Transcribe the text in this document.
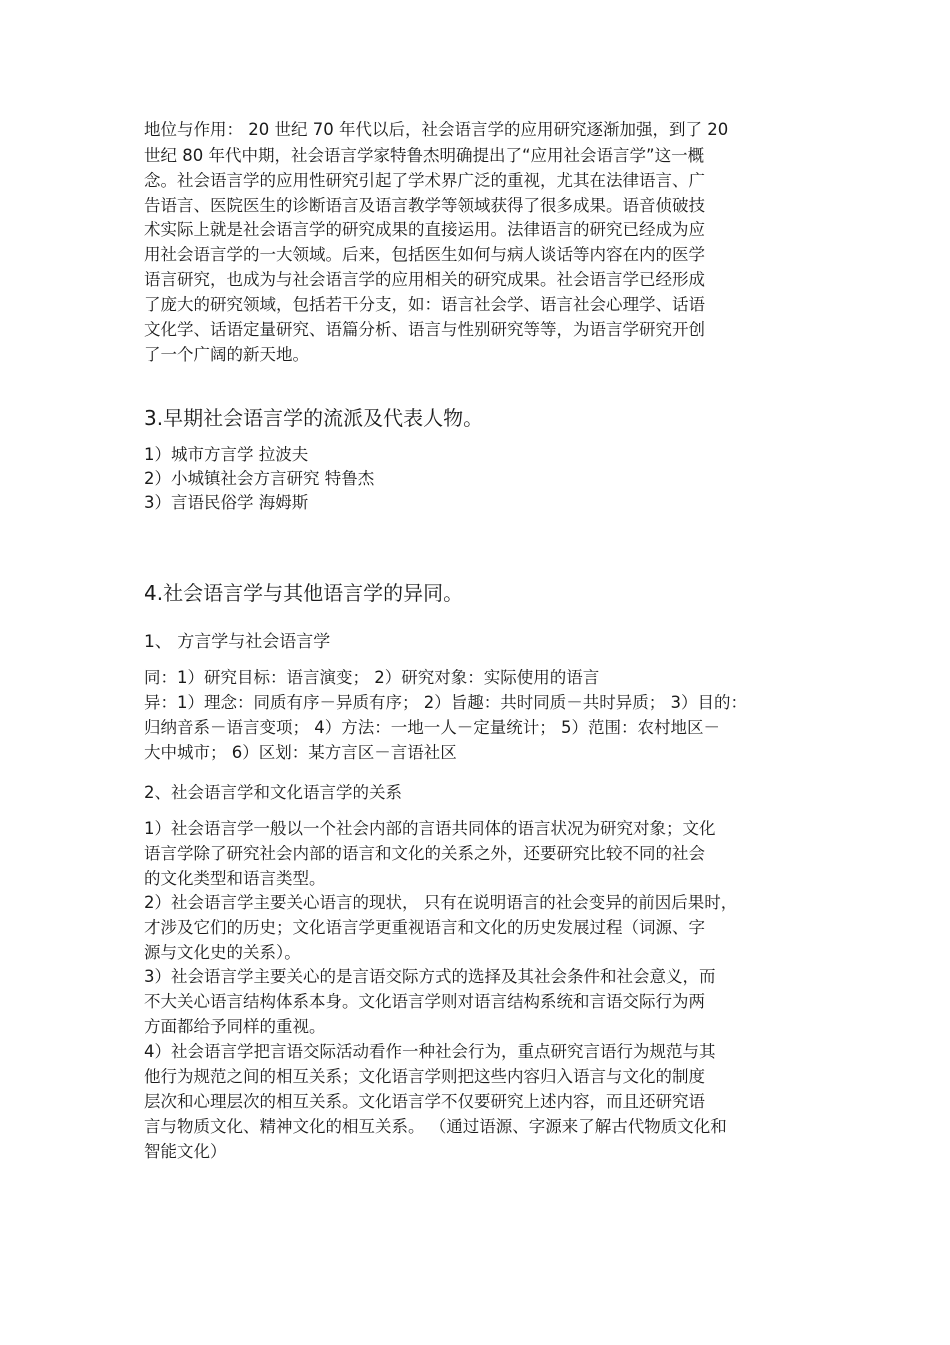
地位与作用： 20 世纪 70 年代以后，社会语言学的应用研究逐渐加强，到了 20

世纪 80 年代中期，社会语言学家特鲁杰明确提出了“应用社会语言学”这一概

念。社会语言学的应用性研究引起了学术界广泛的重视，尤其在法律语言、广

告语言、医院医生的诊断语言及语言教学等领域获得了很多成果。语音侦破技

术实际上就是社会语言学的研究成果的直接运用。法律语言的研究已经成为应

用社会语言学的一大领域。后来，包括医生如何与病人谈话等内容在内的医学

语言研究，也成为与社会语言学的应用相关的研究成果。社会语言学已经形成

了庞大的研究领域，包括若干分支，如：语言社会学、语言社会心理学、话语

文化学、话语定量研究、语篇分析、语言与性别研究等等，为语言学研究开创

了一个广阔的新天地。

3.早期社会语言学的流派及代表人物。

1）城市方言学 拉波夫

2）小城镇社会方言研究 特鲁杰

3）言语民俗学 海姆斯

4.社会语言学与其他语言学的异同。
1、 方言学与社会语言学

同：1）研究目标：语言演变； 2）研究对象：实际使用的语言

异：1）理念：同质有序－异质有序； 2）旨趣：共时同质－共时异质； 3）目的：

归纳音系－语言变项； 4）方法：一地一人－定量统计； 5）范围：农村地区－

大中城市； 6）区划：某方言区－言语社区

2、社会语言学和文化语言学的关系

1）社会语言学一般以一个社会内部的言语共同体的语言状况为研究对象；文化

语言学除了研究社会内部的语言和文化的关系之外，还要研究比较不同的社会

的文化类型和语言类型。

2）社会语言学主要关心语言的现状， 只有在说明语言的社会变异的前因后果时，

才涉及它们的历史；文化语言学更重视语言和文化的历史发展过程（词源、字

源与文化史的关系）。

3）社会语言学主要关心的是言语交际方式的选择及其社会条件和社会意义，而

不大关心语言结构体系本身。文化语言学则对语言结构系统和言语交际行为两

方面都给予同样的重视。

4）社会语言学把言语交际活动看作一种社会行为，重点研究言语行为规范与其

他行为规范之间的相互关系；文化语言学则把这些内容归入语言与文化的制度

层次和心理层次的相互关系。文化语言学不仅要研究上述内容，而且还研究语

言与物质文化、精神文化的相互关系。 （通过语源、字源来了解古代物质文化和

智能文化）
